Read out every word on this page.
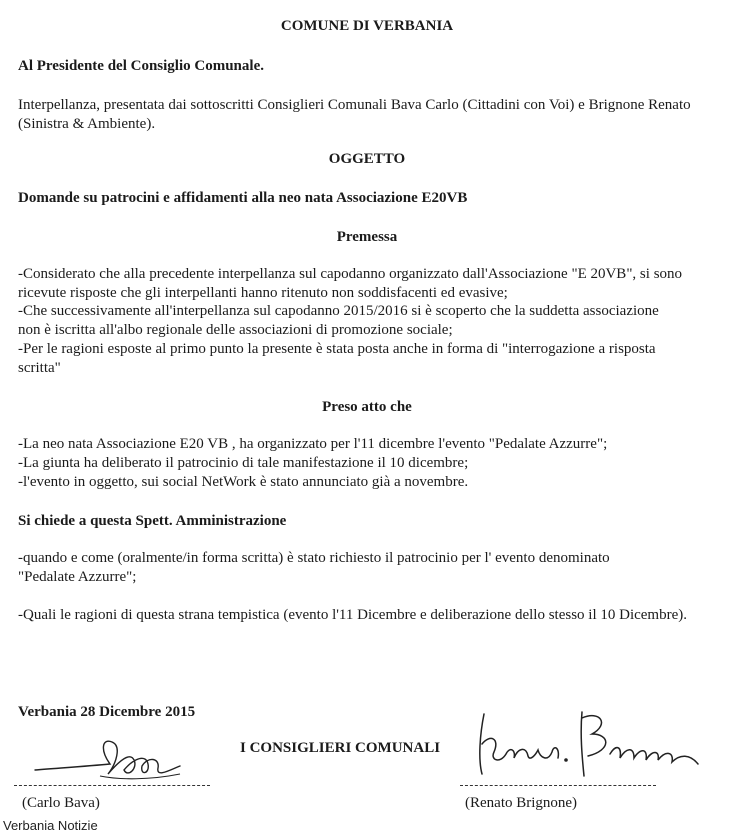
COMUNE DI VERBANIA

Al Presidente del Consiglio Comunale.

Interpellanza, presentata dai sottoscritti Consiglieri Comunali Bava Carlo (Cittadini con Voi) e Brignone Renato (Sinistra & Ambiente).

OGGETTO

Domande su patrocini e affidamenti alla neo nata Associazione E20VB

Premessa

-Considerato che alla precedente interpellanza sul capodanno organizzato dall'Associazione "E 20VB", si sono ricevute risposte che gli interpellanti hanno ritenuto non soddisfacenti ed evasive;

-Che successivamente all'interpellanza sul capodanno 2015/2016 si è scoperto che la suddetta associazione non è iscritta all'albo regionale delle associazioni di promozione sociale;

-Per le ragioni esposte al primo punto la presente è stata posta anche in forma di "interrogazione a risposta scritta"

Preso atto che

-La neo nata Associazione E20 VB , ha organizzato per l'11 dicembre l'evento "Pedalate Azzurre";

-La giunta ha deliberato il patrocinio di tale manifestazione il 10 dicembre;

-l'evento in oggetto, sui social NetWork è stato annunciato già a novembre.

Si chiede a questa Spett. Amministrazione

-quando e come (oralmente/in forma scritta) è stato richiesto il patrocinio per l' evento denominato "Pedalate Azzurre";

-Quali le ragioni di questa strana tempistica (evento l'11 Dicembre e deliberazione dello stesso il 10 Dicembre).

Verbania 28 Dicembre 2015

I CONSIGLIERI COMUNALI

(Carlo Bava)	(Renato Brignone)

Verbania Notizie
